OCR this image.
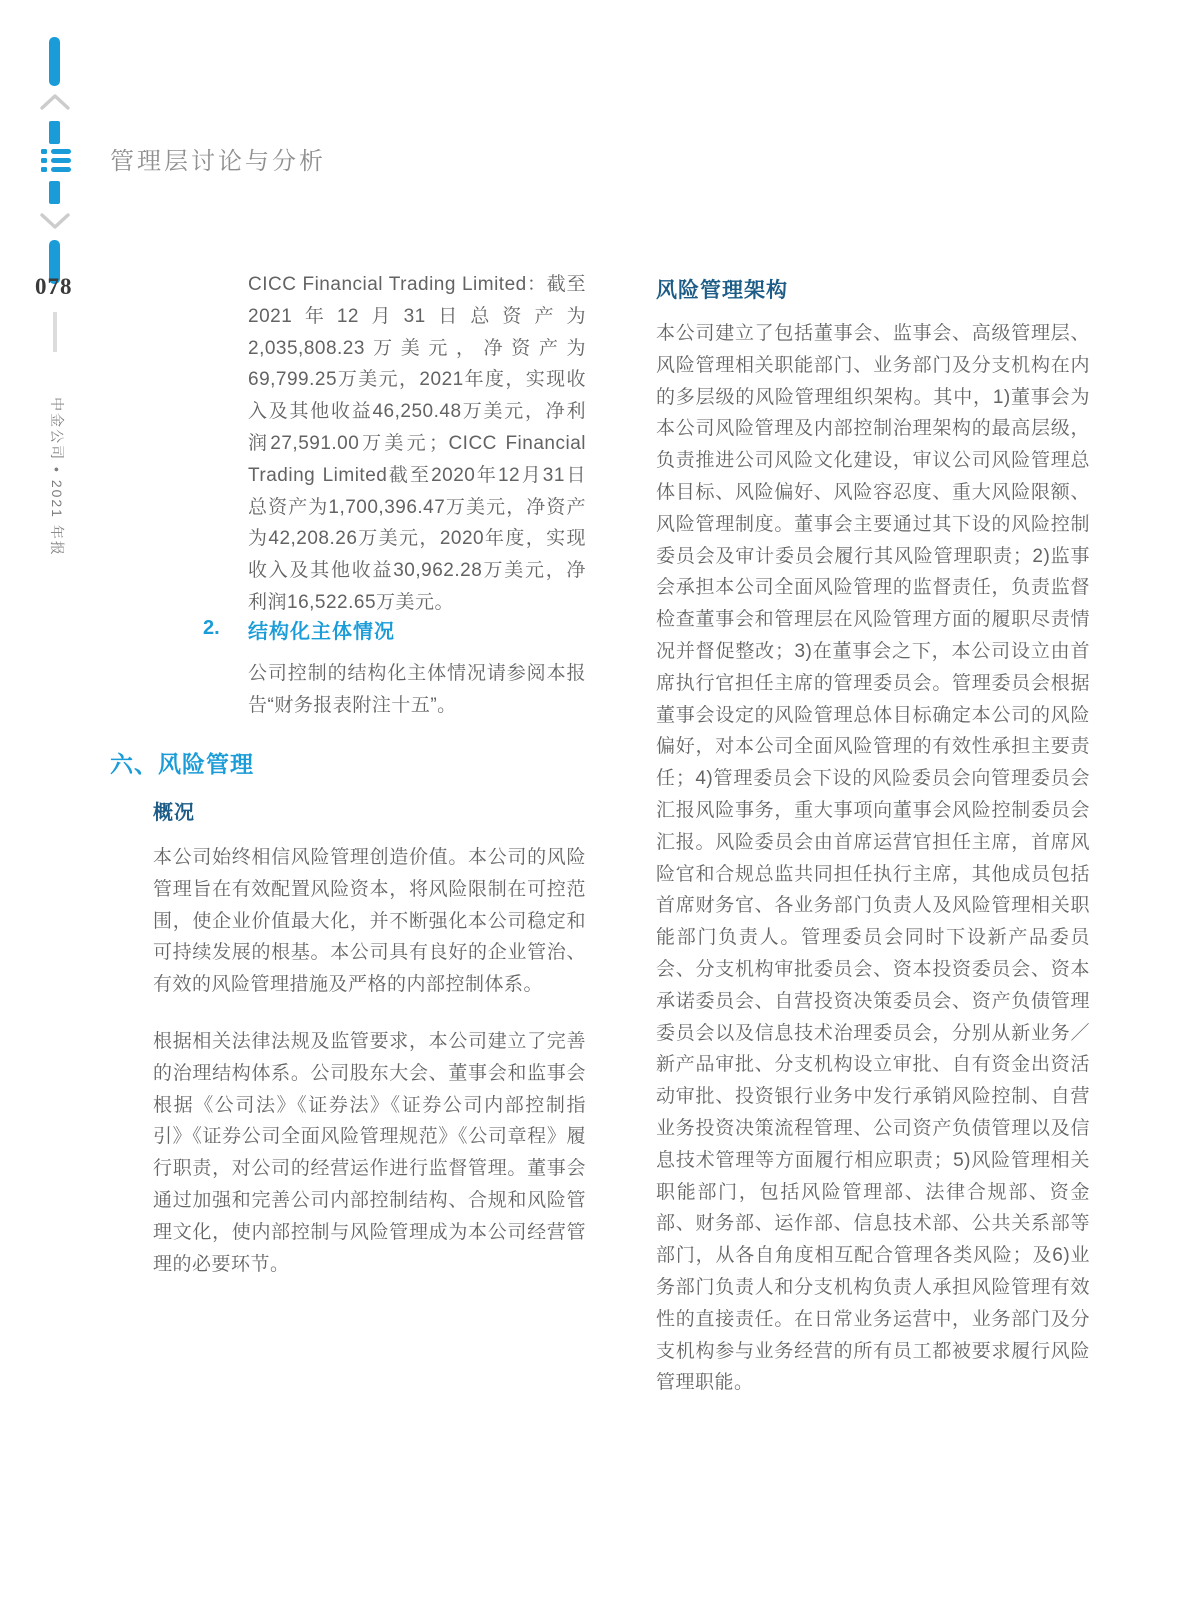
078
中金公司 • 2021 年报
管理层讨论与分析

CICC Financial Trading Limited：截至2021年12月31日总资产为2,035,808.23万美元，净资产为69,799.25万美元，2021年度，实现收入及其他收益46,250.48万美元，净利润27,591.00万美元；CICC Financial Trading Limited截至2020年12月31日总资产为1,700,396.47万美元，净资产为42,208.26万美元，2020年度，实现收入及其他收益30,962.28万美元，净利润16,522.65万美元。

2. 结构化主体情况

公司控制的结构化主体情况请参阅本报告“财务报表附注十五”。

六、风险管理
概况

本公司始终相信风险管理创造价值。本公司的风险管理旨在有效配置风险资本，将风险限制在可控范围，使企业价值最大化，并不断强化本公司稳定和可持续发展的根基。本公司具有良好的企业管治、有效的风险管理措施及严格的内部控制体系。

根据相关法律法规及监管要求，本公司建立了完善的治理结构体系。公司股东大会、董事会和监事会根据《公司法》《证券法》《证券公司内部控制指引》《证券公司全面风险管理规范》《公司章程》履行职责，对公司的经营运作进行监督管理。董事会通过加强和完善公司内部控制结构、合规和风险管理文化，使内部控制与风险管理成为本公司经营管理的必要环节。

风险管理架构

本公司建立了包括董事会、监事会、高级管理层、风险管理相关职能部门、业务部门及分支机构在内的多层级的风险管理组织架构。其中，1)董事会为本公司风险管理及内部控制治理架构的最高层级，负责推进公司风险文化建设，审议公司风险管理总体目标、风险偏好、风险容忍度、重大风险限额、风险管理制度。董事会主要通过其下设的风险控制委员会及审计委员会履行其风险管理职责；2)监事会承担本公司全面风险管理的监督责任，负责监督检查董事会和管理层在风险管理方面的履职尽责情况并督促整改；3)在董事会之下，本公司设立由首席执行官担任主席的管理委员会。管理委员会根据董事会设定的风险管理总体目标确定本公司的风险偏好，对本公司全面风险管理的有效性承担主要责任；4)管理委员会下设的风险委员会向管理委员会汇报风险事务，重大事项向董事会风险控制委员会汇报。风险委员会由首席运营官担任主席，首席风险官和合规总监共同担任执行主席，其他成员包括首席财务官、各业务部门负责人及风险管理相关职能部门负责人。管理委员会同时下设新产品委员会、分支机构审批委员会、资本投资委员会、资本承诺委员会、自营投资决策委员会、资产负债管理委员会以及信息技术治理委员会，分别从新业务／新产品审批、分支机构设立审批、自有资金出资活动审批、投资银行业务中发行承销风险控制、自营业务投资决策流程管理、公司资产负债管理以及信息技术管理等方面履行相应职责；5)风险管理相关职能部门，包括风险管理部、法律合规部、资金部、财务部、运作部、信息技术部、公共关系部等部门，从各自角度相互配合管理各类风险；及6)业务部门负责人和分支机构负责人承担风险管理有效性的直接责任。在日常业务运营中，业务部门及分支机构参与业务经营的所有员工都被要求履行风险管理职能。
